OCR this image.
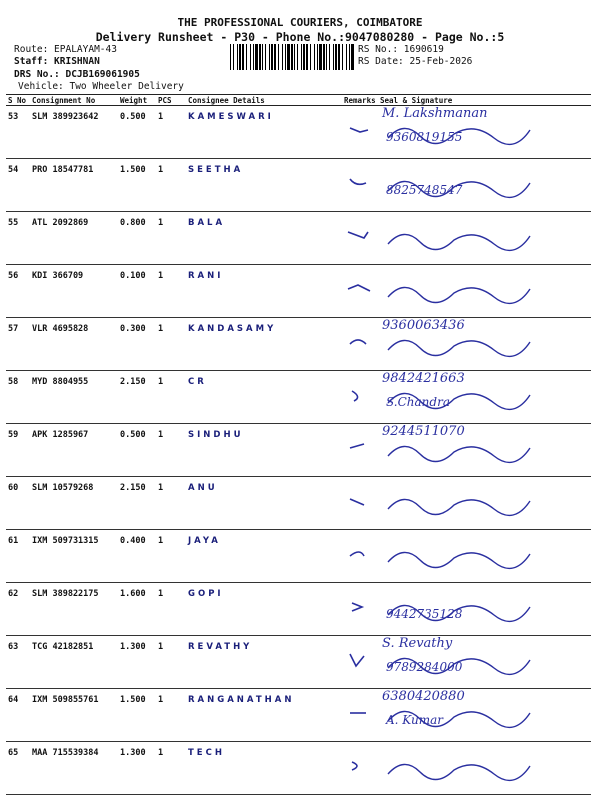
THE PROFESSIONAL COURIERS, COIMBATORE
Delivery Runsheet - P30 - Phone No.:9047080280 - Page No.:5
Route: EPALAYAM-43
Staff: KRISHNAN
DRS No.: DCJB169061905
Vehicle: Two Wheeler Delivery
RS No.: 1690619
RS Date: 25-Feb-2026
S No	Consignment No	Weight	PCS	Consignee Details	Remarks	Seal & Signature
53	SLM 389923642	0.500	1	KAMESWARI		M. Lakshmanan
9360819155

54	PRO 18547781	1.500	1	SEETHA		8825748547

55	ATL 2092869	0.800	1	BALA	

56	KDI 366709	0.100	1	RANI	

57	VLR 4695828	0.300	1	KANDASAMY		9360063436

58	MYD 8804955	2.150	1	CR		9842421663
S.Chandra

59	APK 1285967	0.500	1	SINDHU		9244511070

60	SLM 10579268	2.150	1	ANU	

61	IXM 509731315	0.400	1	JAYA	

62	SLM 389822175	1.600	1	GOPI		9442735128

63	TCG 42182851	1.300	1	REVATHY		S. Revathy
9789284000

64	IXM 509855761	1.500	1	RANGANATHAN		6380420880
A. Kumar

65	MAA 715539384	1.300	1	TECH	
